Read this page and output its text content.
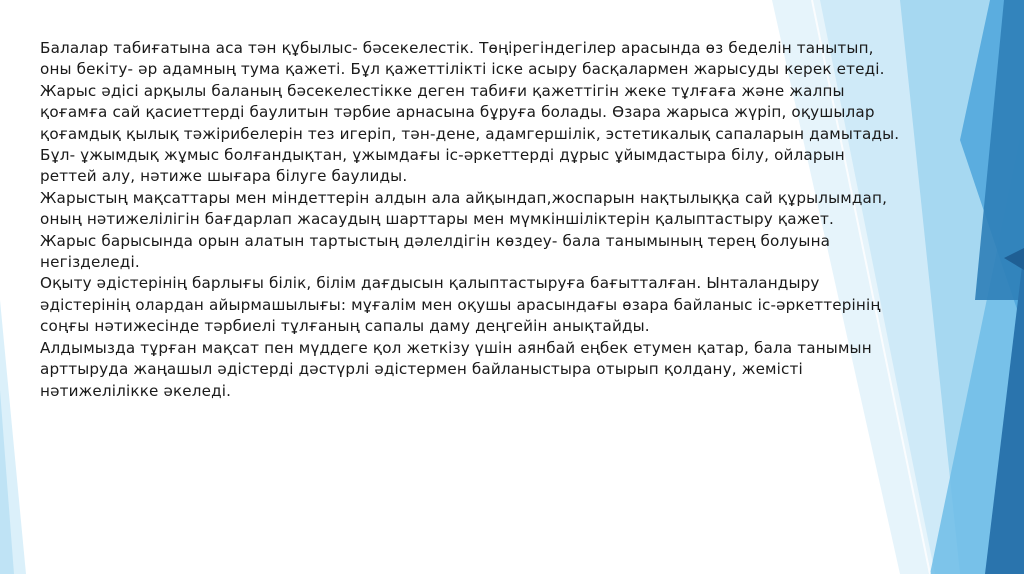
Балалар табиғатына аса тән құбылыс- бәсекелестік. Төңірегіндегілер арасында өз беделін танытып, оны бекіту- әр адамның тума қажеті. Бұл қажеттілікті іске асыру басқалармен жарысуды керек етеді.

Жарыс әдісі арқылы баланың бәсекелестікке деген табиғи қажеттігін жеке тұлғаға және жалпы қоғамға сай қасиеттерді баулитын тәрбие арнасына бұруға болады. Өзара жарыса жүріп, оқушылар қоғамдық қылық тәжірибелерін тез игеріп, тән-дене, адамгершілік, эстетикалық сапаларын дамытады. Бұл- ұжымдық жұмыс болғандықтан, ұжымдағы іс-әркеттерді дұрыс ұйымдастыра білу, ойларын реттей алу, нәтиже шығара білуге баулиды.

Жарыстың мақсаттары мен міндеттерін алдын ала айқындап,жоспарын нақтылыққа сай құрылымдап, оның нәтижелілігін бағдарлап жасаудың шарттары мен мүмкіншіліктерін қалыптастыру қажет.

Жарыс барысында орын алатын тартыстың дәлелдігін көздеу- бала танымының терең болуына негізделеді.

Оқыту әдістерінің барлығы білік, білім дағдысын қалыптастыруға бағытталған. Ынталандыру әдістерінің олардан айырмашылығы: мұғалім мен оқушы арасындағы өзара байланыс іс-әркеттерінің соңғы нәтижесінде тәрбиелі тұлғаның сапалы даму деңгейін анықтайды.

Алдымызда тұрған мақсат пен мүддеге қол жеткізу үшін аянбай еңбек етумен қатар, бала танымын арттыруда жаңашыл әдістерді дәстүрлі әдістермен байланыстыра отырып қолдану, жемісті нәтижелілікке әкеледі.
